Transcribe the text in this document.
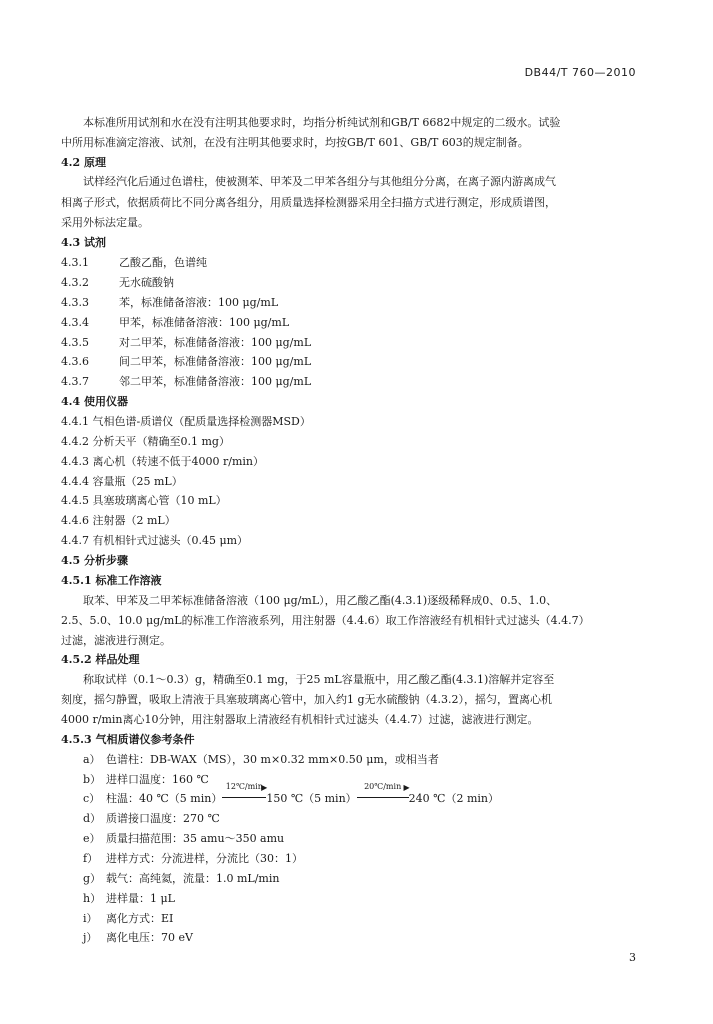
DB44/T 760—2010
本标准所用试剂和水在没有注明其他要求时，均指分析纯试剂和GB/T 6682中规定的二级水。试验
中所用标准滴定溶液、试剂，在没有注明其他要求时，均按GB/T 601、GB/T 603的规定制备。
4.2 原理
试样经汽化后通过色谱柱，使被测苯、甲苯及二甲苯各组分与其他组分分离，在离子源内游离成气
相离子形式，依据质荷比不同分离各组分，用质量选择检测器采用全扫描方式进行测定，形成质谱图，
采用外标法定量。
4.3 试剂
4.3.1	乙酸乙酯，色谱纯
4.3.2	无水硫酸钠
4.3.3	苯，标准储备溶液：100 μg/mL
4.3.4	甲苯，标准储备溶液：100 μg/mL
4.3.5	对二甲苯，标准储备溶液：100 μg/mL
4.3.6	间二甲苯，标准储备溶液：100 μg/mL
4.3.7	邻二甲苯，标准储备溶液：100 μg/mL
4.4 使用仪器
4.4.1 气相色谱-质谱仪（配质量选择检测器MSD）
4.4.2 分析天平（精确至0.1 mg）
4.4.3 离心机（转速不低于4000 r/min）
4.4.4 容量瓶（25 mL）
4.4.5 具塞玻璃离心管（10 mL）
4.4.6 注射器（2 mL）
4.4.7 有机相针式过滤头（0.45 μm）
4.5 分析步骤
4.5.1 标准工作溶液
取苯、甲苯及二甲苯标准储备溶液（100 μg/mL），用乙酸乙酯(4.3.1)逐级稀释成0、0.5、1.0、
2.5、5.0、10.0 μg/mL的标准工作溶液系列，用注射器（4.4.6）取工作溶液经有机相针式过滤头（4.4.7）
过滤，滤液进行测定。
4.5.2 样品处理
称取试样（0.1～0.3）g，精确至0.1 mg，于25 mL容量瓶中，用乙酸乙酯(4.3.1)溶解并定容至
刻度，摇匀静置，吸取上清液于具塞玻璃离心管中，加入约1 g无水硫酸钠（4.3.2），摇匀，置离心机
4000 r/min离心10分钟，用注射器取上清液经有机相针式过滤头（4.4.7）过滤，滤液进行测定。
4.5.3 气相质谱仪参考条件
a） 色谱柱：DB-WAX（MS），30 m×0.32 mm×0.50 μm，或相当者
b） 进样口温度：160 ℃
c） 柱温：40 ℃（5 min）
12℃/min
▶
150 ℃（5 min）
20℃/min ▶
240 ℃（2 min）
d） 质谱接口温度：270 ℃
e） 质量扫描范围：35 amu～350 amu
f） 进样方式：分流进样，分流比（30：1）
g） 载气：高纯氦，流量：1.0 mL/min
h） 进样量：1 μL
i） 离化方式：EI
j） 离化电压：70 eV
3
